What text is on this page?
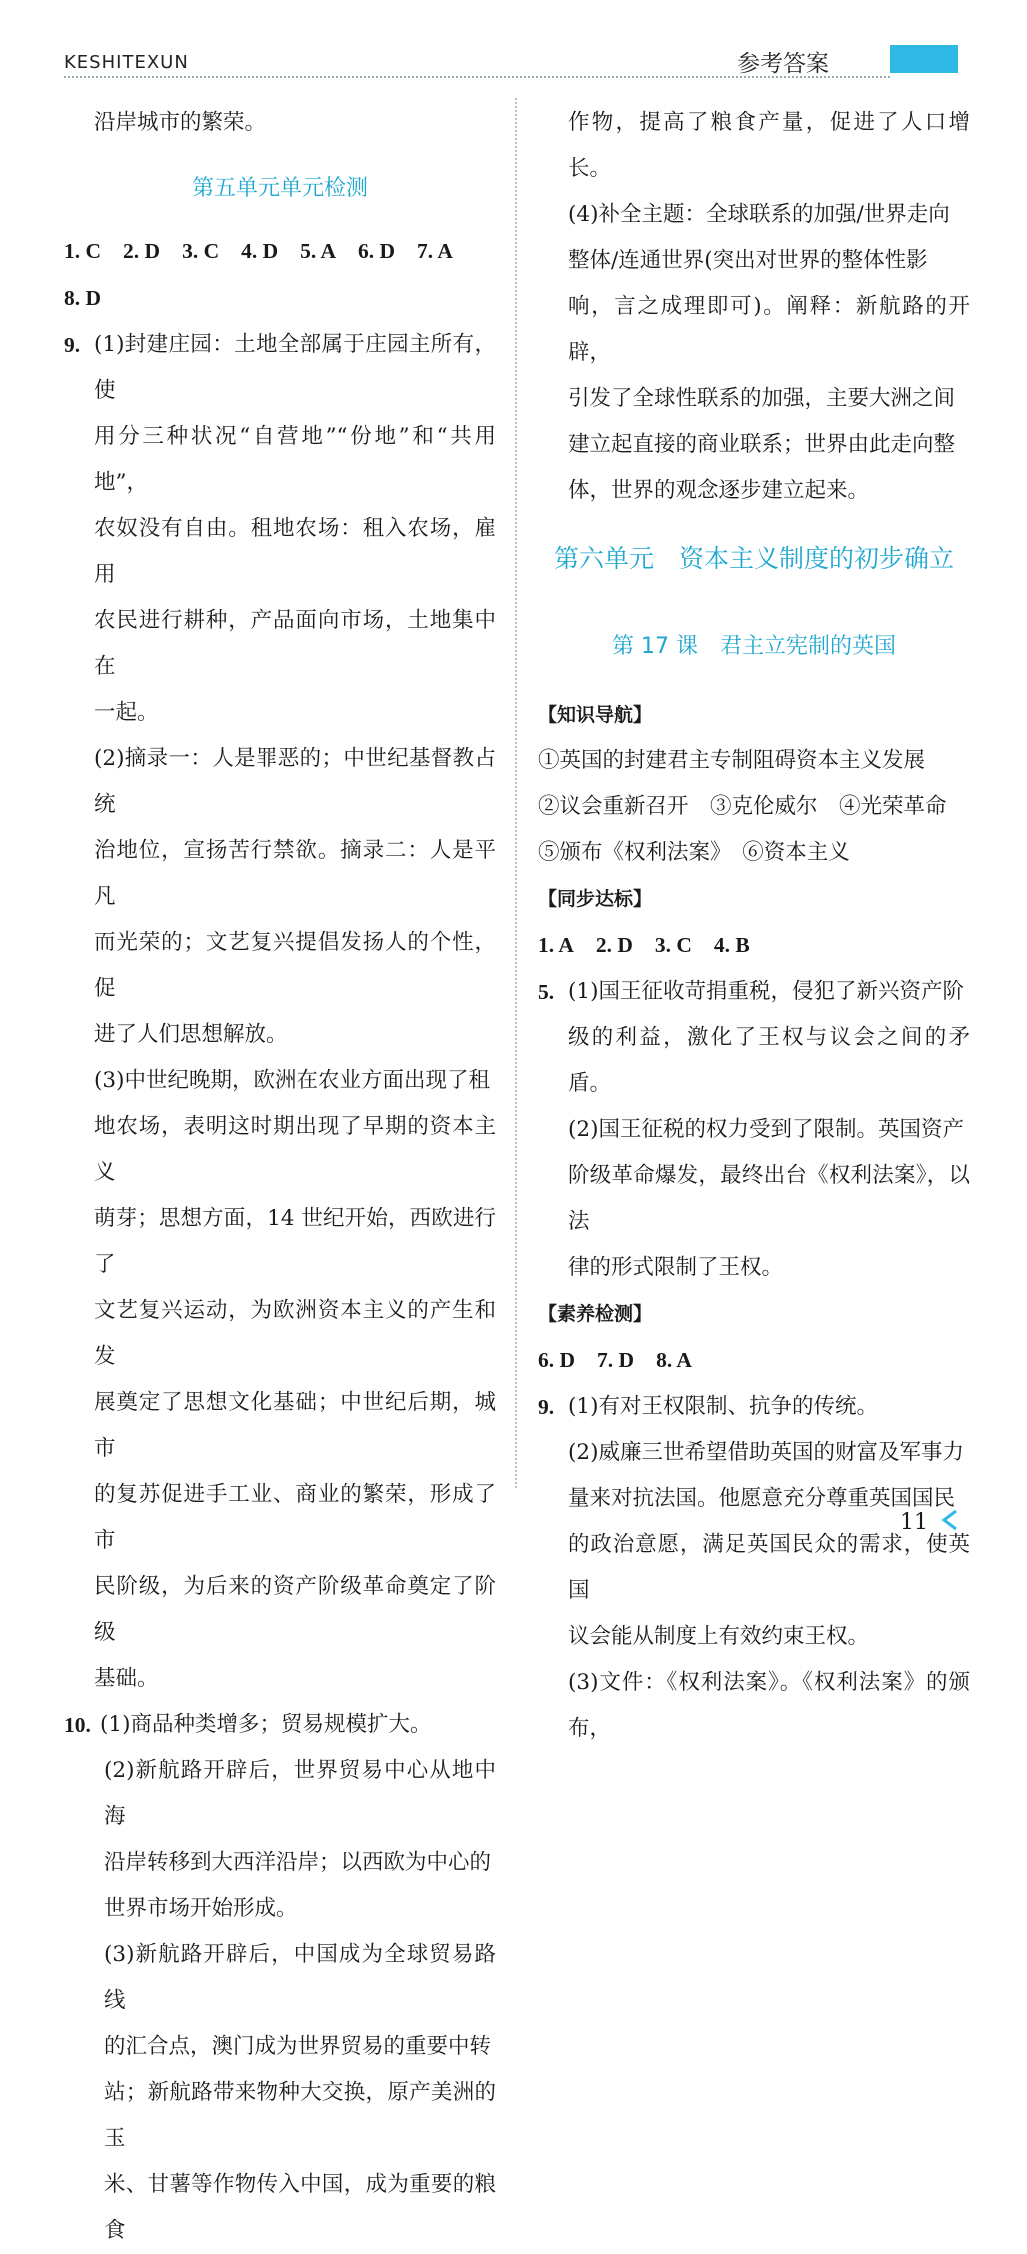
KESHITEXUN	参考答案

沿岸城市的繁荣。

第五单元单元检测

1. C 2. D 3. C 4. D 5. A 6. D 7. A

8. D

9. (1)封建庄园：土地全部属于庄园主所有，使

用分三种状况“自营地”“份地”和“共用地”，

农奴没有自由。租地农场：租入农场，雇用

农民进行耕种，产品面向市场，土地集中在

一起。

(2)摘录一：人是罪恶的；中世纪基督教占统

治地位，宣扬苦行禁欲。摘录二：人是平凡

而光荣的；文艺复兴提倡发扬人的个性，促

进了人们思想解放。

(3)中世纪晚期，欧洲在农业方面出现了租

地农场，表明这时期出现了早期的资本主义

萌芽；思想方面，14 世纪开始，西欧进行了

文艺复兴运动，为欧洲资本主义的产生和发

展奠定了思想文化基础；中世纪后期，城市

的复苏促进手工业、商业的繁荣，形成了市

民阶级，为后来的资产阶级革命奠定了阶级

基础。

10. (1)商品种类增多；贸易规模扩大。

(2)新航路开辟后，世界贸易中心从地中海

沿岸转移到大西洋沿岸；以西欧为中心的

世界市场开始形成。

(3)新航路开辟后，中国成为全球贸易路线

的汇合点，澳门成为世界贸易的重要中转

站；新航路带来物种大交换，原产美洲的玉

米、甘薯等作物传入中国，成为重要的粮食

作物，提高了粮食产量，促进了人口增长。

(4)补全主题：全球联系的加强/世界走向

整体/连通世界(突出对世界的整体性影

响，言之成理即可)。阐释：新航路的开辟，

引发了全球性联系的加强，主要大洲之间

建立起直接的商业联系；世界由此走向整

体，世界的观念逐步建立起来。

第六单元　资本主义制度的初步确立

第 17 课　君主立宪制的英国

【知识导航】

①英国的封建君主专制阻碍资本主义发展

②议会重新召开　③克伦威尔　④光荣革命

⑤颁布《权利法案》　⑥资本主义

【同步达标】

1. A 2. D 3. C 4. B

5. (1)国王征收苛捐重税，侵犯了新兴资产阶

级的利益，激化了王权与议会之间的矛盾。

(2)国王征税的权力受到了限制。英国资产

阶级革命爆发，最终出台《权利法案》，以法

律的形式限制了王权。

【素养检测】

6. D 7. D 8. A

9. (1)有对王权限制、抗争的传统。

(2)威廉三世希望借助英国的财富及军事力

量来对抗法国。他愿意充分尊重英国国民

的政治意愿，满足英国民众的需求，使英国

议会能从制度上有效约束王权。

(3)文件：《权利法案》。《权利法案》的颁布，

11
